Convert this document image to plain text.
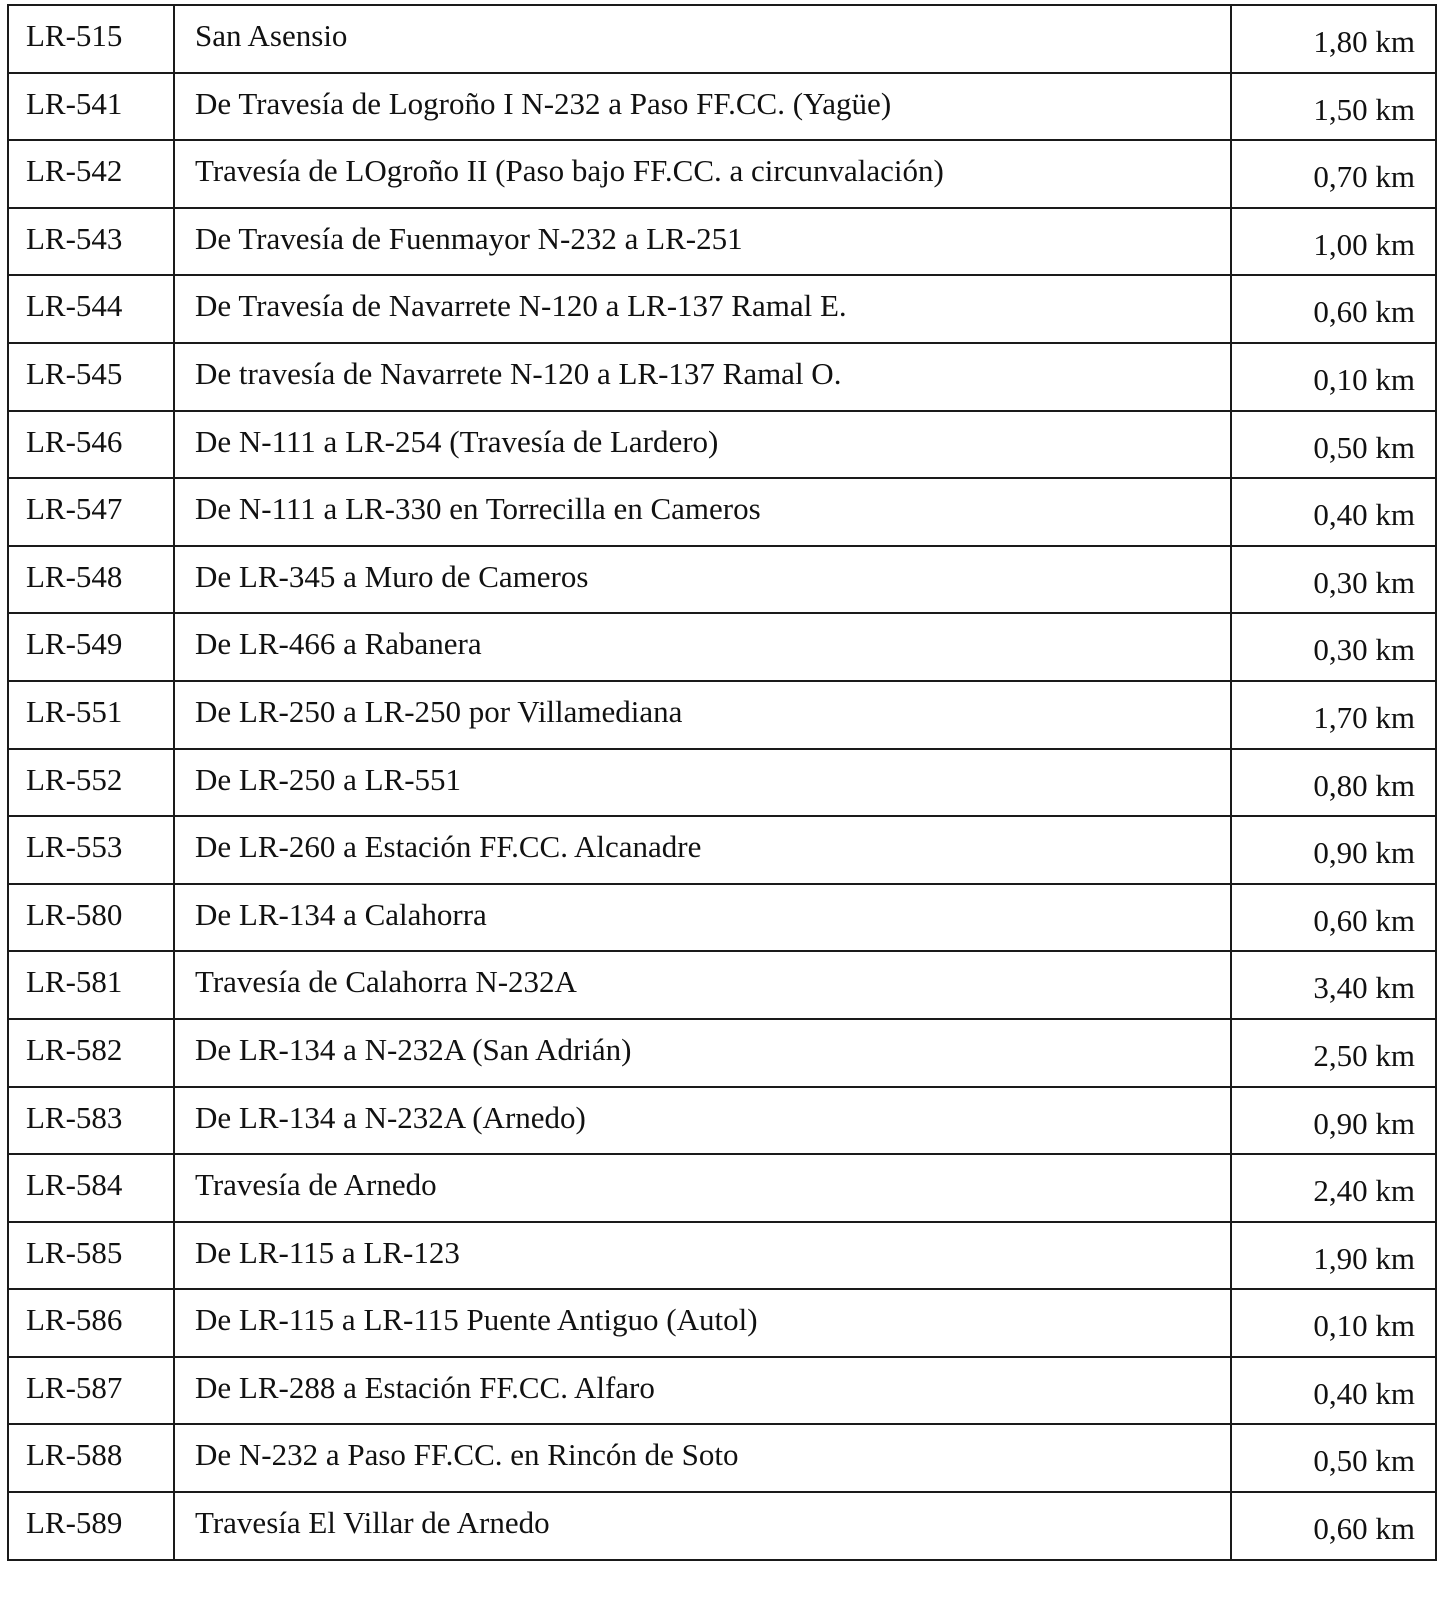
LR-515	San Asensio	1,80 km
LR-541	De Travesía de Logroño I N-232 a Paso FF.CC. (Yagüe)	1,50 km
LR-542	Travesía de LOgroño II (Paso bajo FF.CC. a circunvalación)	0,70 km
LR-543	De Travesía de Fuenmayor N-232 a LR-251	1,00 km
LR-544	De Travesía de Navarrete N-120 a LR-137 Ramal E.	0,60 km
LR-545	De travesía de Navarrete N-120 a LR-137 Ramal O.	0,10 km
LR-546	De N-111 a LR-254 (Travesía de Lardero)	0,50 km
LR-547	De N-111 a LR-330 en Torrecilla en Cameros	0,40 km
LR-548	De LR-345 a Muro de Cameros	0,30 km
LR-549	De LR-466 a Rabanera	0,30 km
LR-551	De LR-250 a LR-250 por Villamediana	1,70 km
LR-552	De LR-250 a LR-551	0,80 km
LR-553	De LR-260 a Estación FF.CC. Alcanadre	0,90 km
LR-580	De LR-134 a Calahorra	0,60 km
LR-581	Travesía de Calahorra N-232A	3,40 km
LR-582	De LR-134 a N-232A (San Adrián)	2,50 km
LR-583	De LR-134 a N-232A (Arnedo)	0,90 km
LR-584	Travesía de Arnedo	2,40 km
LR-585	De LR-115 a LR-123	1,90 km
LR-586	De LR-115 a LR-115 Puente Antiguo (Autol)	0,10 km
LR-587	De LR-288 a Estación FF.CC. Alfaro	0,40 km
LR-588	De N-232 a Paso FF.CC. en Rincón de Soto	0,50 km
LR-589	Travesía El Villar de Arnedo	0,60 km
